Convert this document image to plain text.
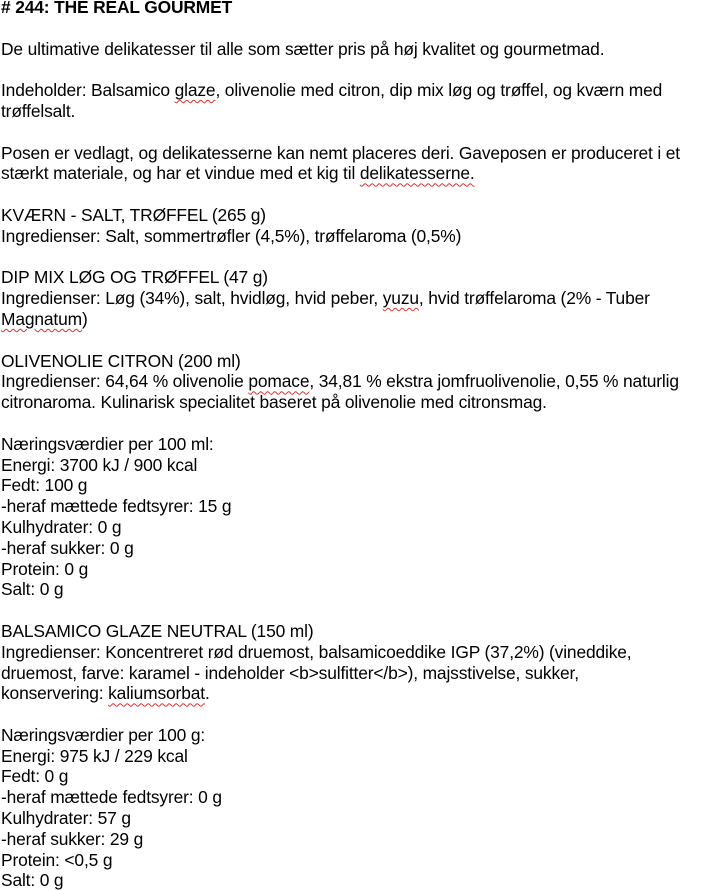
# 244: THE REAL GOURMET

De ultimative delikatesser til alle som sætter pris på høj kvalitet og gourmetmad.

Indeholder: Balsamico glaze, olivenolie med citron, dip mix løg og trøffel, og kværn med

trøffelsalt.

Posen er vedlagt, og delikatesserne kan nemt placeres deri. Gaveposen er produceret i et

stærkt materiale, og har et vindue med et kig til delikatesserne.

KVÆRN - SALT, TRØFFEL (265 g)

Ingredienser: Salt, sommertrøfler (4,5%), trøffelaroma (0,5%)

DIP MIX LØG OG TRØFFEL (47 g)

Ingredienser: Løg (34%), salt, hvidløg, hvid peber, yuzu, hvid trøffelaroma (2% - Tuber

Magnatum)

OLIVENOLIE CITRON (200 ml)

Ingredienser: 64,64 % olivenolie pomace, 34,81 % ekstra jomfruolivenolie, 0,55 % naturlig

citronaroma. Kulinarisk specialitet baseret på olivenolie med citronsmag.

Næringsværdier per 100 ml:

Energi: 3700 kJ / 900 kcal

Fedt: 100 g

-heraf mættede fedtsyrer: 15 g

Kulhydrater: 0 g

-heraf sukker: 0 g

Protein: 0 g

Salt: 0 g

BALSAMICO GLAZE NEUTRAL (150 ml)

Ingredienser: Koncentreret rød druemost, balsamicoeddike IGP (37,2%) (vineddike,

druemost, farve: karamel - indeholder <b>sulfitter</b>), majsstivelse, sukker,

konservering: kaliumsorbat.

Næringsværdier per 100 g:

Energi: 975 kJ / 229 kcal

Fedt: 0 g

-heraf mættede fedtsyrer: 0 g

Kulhydrater: 57 g

-heraf sukker: 29 g

Protein: <0,5 g

Salt: 0 g
